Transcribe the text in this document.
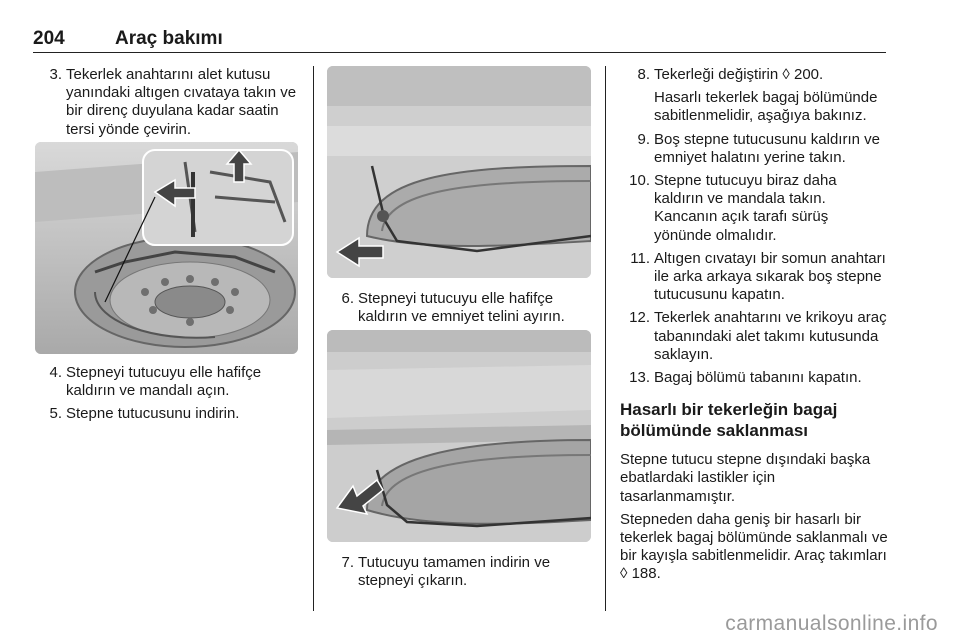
204	Araç bakımı

3. Tekerlek anahtarını alet kutusu yanındaki altıgen cıvataya takın ve bir direnç duyulana kadar saatin tersi yönde çevirin.

4. Stepneyi tutucuyu elle hafifçe kaldırın ve mandalı açın.

5. Stepne tutucusunu indirin.

6. Stepneyi tutucuyu elle hafifçe kaldırın ve emniyet telini ayırın.

7. Tutucuyu tamamen indirin ve stepneyi çıkarın.

8. Tekerleği değiştirin ◊ 200.

Hasarlı tekerlek bagaj bölümünde sabitlenmelidir, aşağıya bakınız.

9. Boş stepne tutucusunu kaldırın ve emniyet halatını yerine takın.

10. Stepne tutucuyu biraz daha kaldırın ve mandala takın. Kancanın açık tarafı sürüş yönünde olmalıdır.

11. Altıgen cıvatayı bir somun anahtarı ile arka arkaya sıkarak boş stepne tutucusunu kapatın.

12. Tekerlek anahtarını ve krikoyu araç tabanındaki alet takımı kutusunda saklayın.

13. Bagaj bölümü tabanını kapatın.

Hasarlı bir tekerleğin bagaj bölümünde saklanması

Stepne tutucu stepne dışındaki başka ebatlardaki lastikler için tasarlanmamıştır.

Stepneden daha geniş bir hasarlı bir tekerlek bagaj bölümünde saklanmalı ve bir kayışla sabitlenmelidir. Araç takımları ◊ 188.

carmanualsonline.info
